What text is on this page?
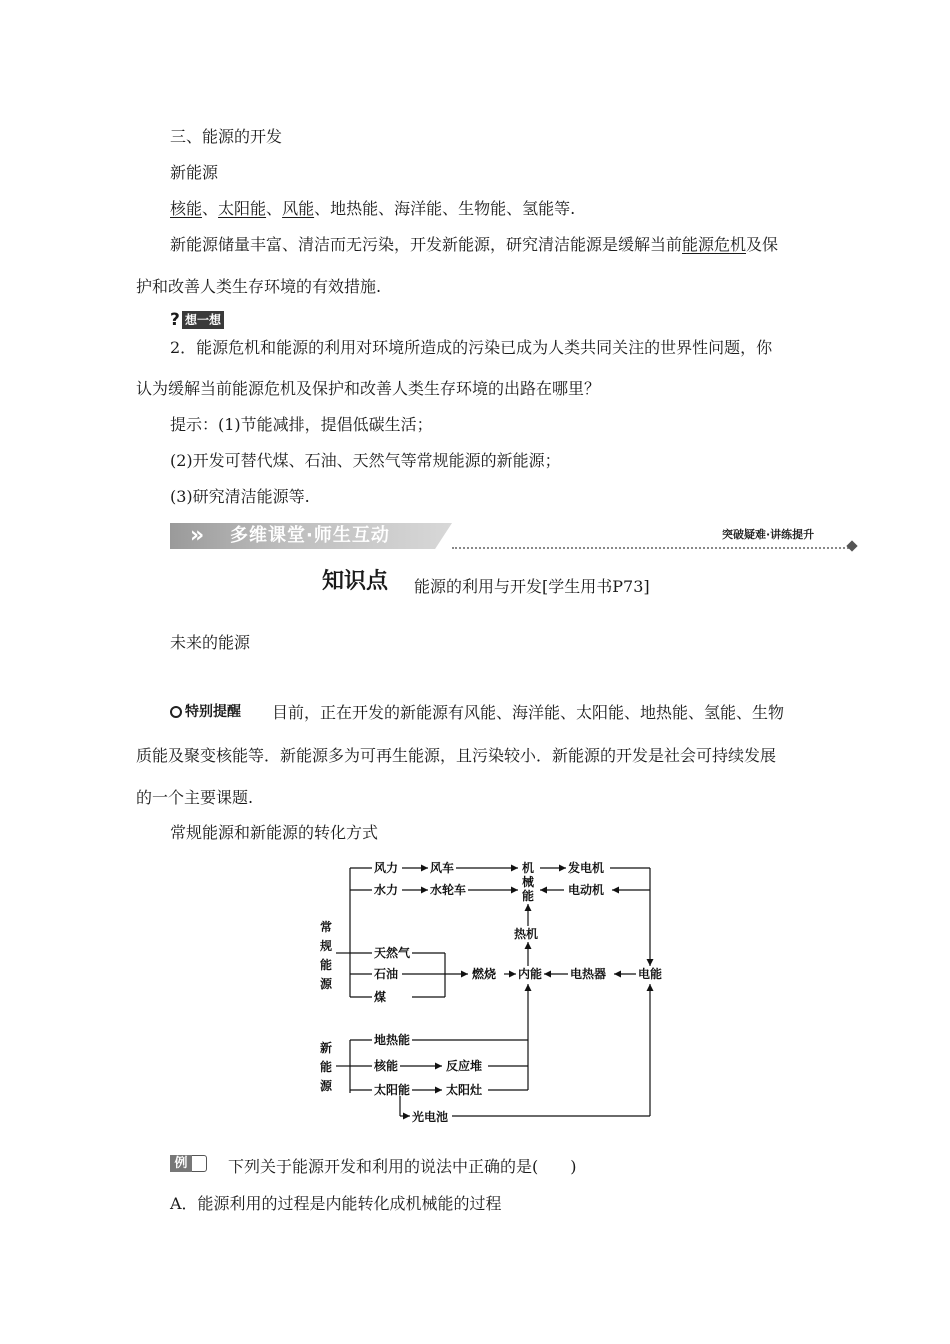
三、能源的开发
新能源
核能、太阳能、风能、地热能、海洋能、生物能、氢能等.
新能源储量丰富、清洁而无污染，开发新能源，研究清洁能源是缓解当前能源危机及保
护和改善人类生存环境的有效措施.
? 想一想
2．能源危机和能源的利用对环境所造成的污染已成为人类共同关注的世界性问题，你
认为缓解当前能源危机及保护和改善人类生存环境的出路在哪里？
提示：(1)节能减排，提倡低碳生活；
(2)开发可替代煤、石油、天然气等常规能源的新能源；
(3)研究清洁能源等.
» 多维课堂·师生互动	突破疑难·讲练提升
知识点 能源的利用与开发[学生用书P73]
未来的能源
特别提醒 目前，正在开发的新能源有风能、海洋能、太阳能、地热能、氢能、生物
质能及聚变核能等．新能源多为可再生能源，且污染较小．新能源的开发是社会可持续发展
的一个主要课题.
常规能源和新能源的转化方式
常
规
能
源
新
能
源
风力	风车
水力	水轮车
机
械
能
发电机
电动机
热机
天然气
石油
煤
燃烧 内能 电热器	电能
地热能
核能	反应堆
太阳能	太阳灶
光电池
例	下列关于能源开发和利用的说法中正确的是(　　)
A．能源利用的过程是内能转化成机械能的过程
